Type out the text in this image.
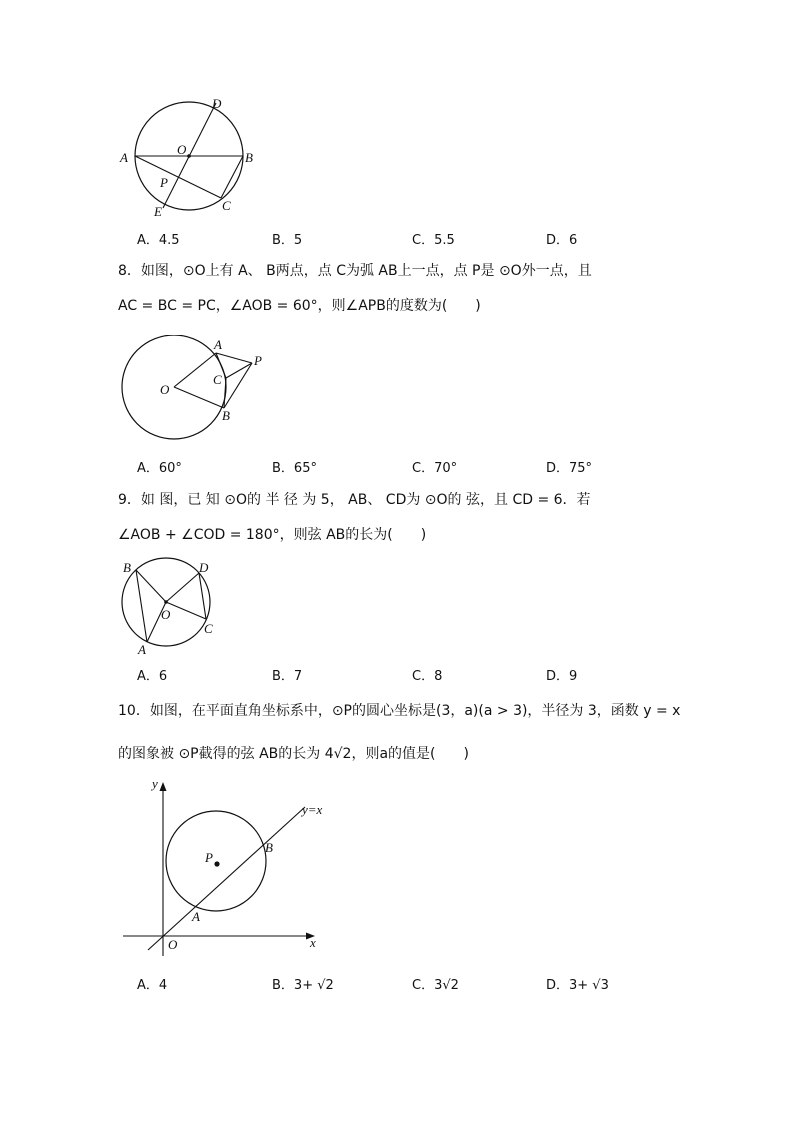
A	B
O
D
P
E	C
A．4.5	B．5	C．5.5	D．6
8．如图，⊙O上有 A、 B两点，点 C为弧 AB上一点，点 P是 ⊙O外一点，且
AC = BC = PC，∠AOB = 60°，则∠APB的度数为(　　)
A
P
C
O
B
A．60°	B．65°	C．70°	D．75°
9．如 图，已 知 ⊙O的 半 径 为 5， AB、 CD为 ⊙O的 弦，且 CD = 6．若
∠AOB + ∠COD = 180°，则弦 AB的长为(　　)
B	D
O
C
A
A．6	B．7	C．8	D．9
10．如图，在平面直角坐标系中，⊙P的圆心坐标是(3，a)(a > 3)，半径为 3，函数 y = x
的图象被 ⊙P截得的弦 AB的长为 4√2，则a的值是(　　)
y
x
O
P
A
B
y=x
A．4	B．3+ √2	C．3√2	D．3+ √3
